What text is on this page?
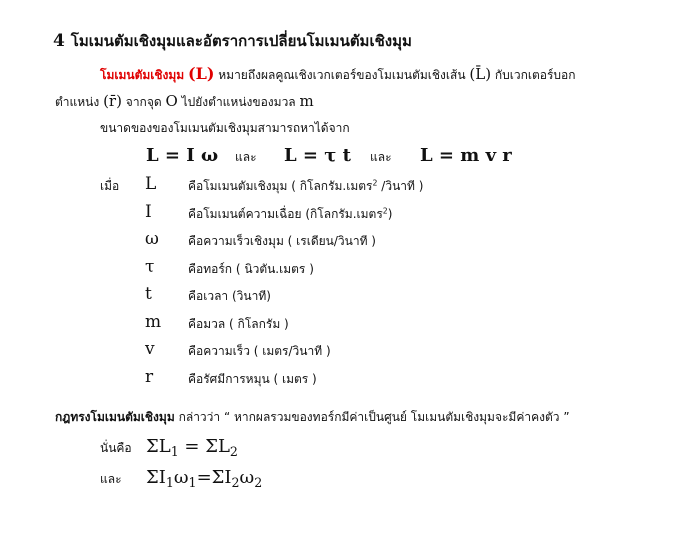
4 โมเมนตัมเชิงมุมและอัตราการเปลี่ยนโมเมนตัมเชิงมุม
โมเมนตัมเชิงมุม (L) หมายถึงผลคูณเชิงเวกเตอร์ของโมเมนตัมเชิงเส้น (L̄) กับเวกเตอร์บอก
ตำแหน่ง (r̄) จากจุด O ไปยังตำแหน่งของมวล m
ขนาดของของโมเมนตัมเชิงมุมสามารถหาได้จาก
L = I ω และ L = τ t และ L = m v r
เมื่อ L	คือโมเมนตัมเชิงมุม ( กิโลกรัม.เมตร$^2$ /วินาที )
I	คือโมเมนต์ความเฉื่อย (กิโลกรัม.เมตร$^2$)
ω คือความเร็วเชิงมุม ( เรเดียน/วินาที )
τ	คือทอร์ก ( นิวตัน.เมตร )
t	คือเวลา (วินาที)
m คือมวล ( กิโลกรัม )
v	คือความเร็ว ( เมตร/วินาที )
r	คือรัศมีการหมุน ( เมตร )
กฎทรงโมเมนตัมเชิงมุม กล่าวว่า “ หากผลรวมของทอร์กมีค่าเป็นศูนย์ โมเมนตัมเชิงมุมจะมีค่าคงตัว ”
นั่นคือ $\Sigma L_1 = \Sigma L_2$
และ $\Sigma I_1\omega_1=\Sigma I_2\omega_2$
